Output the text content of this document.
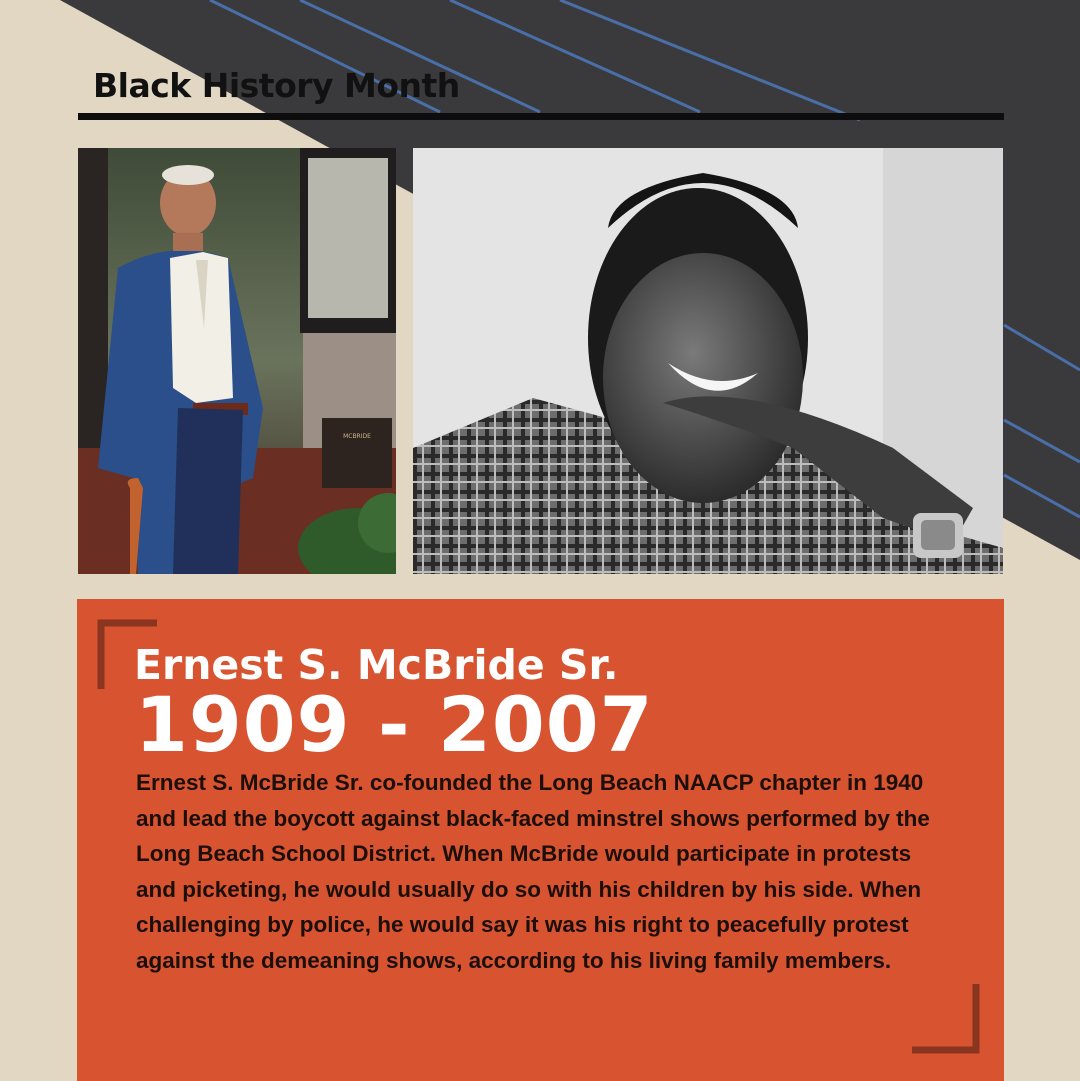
Black History Month
MCBRIDE
Ernest S. McBride Sr.
1909 - 2007
Ernest S. McBride Sr. co-founded the Long Beach NAACP chapter in 1940 and lead the boycott against black-faced minstrel shows performed by the Long Beach School District. When McBride would participate in protests and picketing, he would usually do so with his children by his side. When challenging by police, he would say it was his right to peacefully protest against the demeaning shows, according to his living family members.
